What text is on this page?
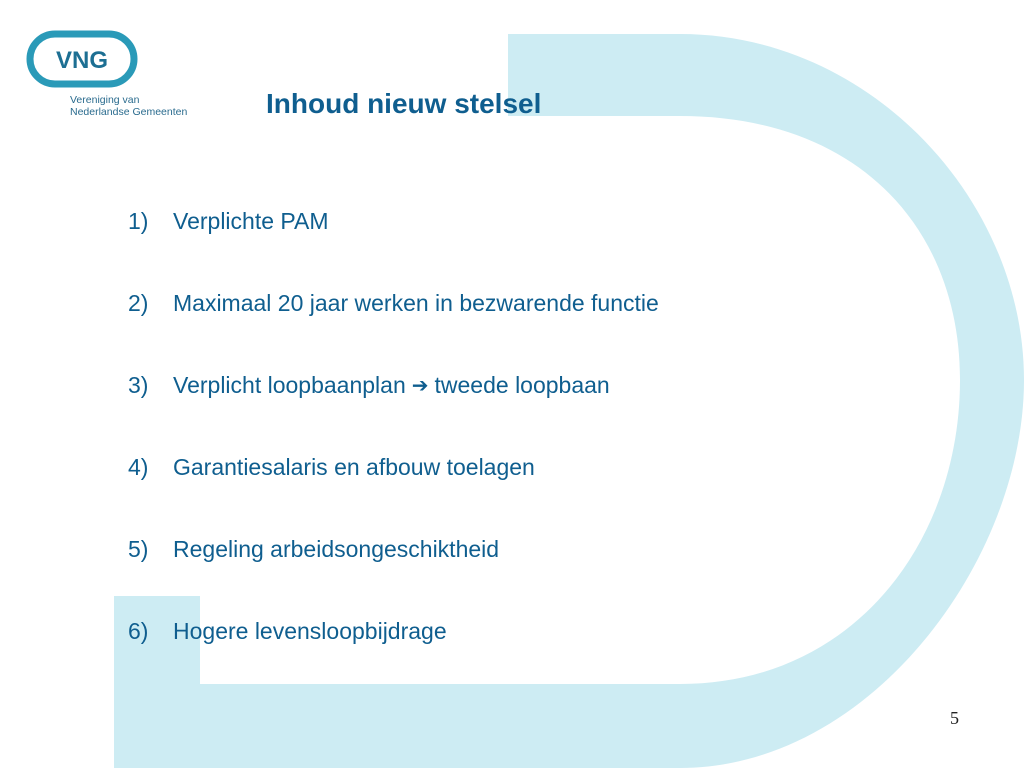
VNG
Vereniging van
Nederlandse Gemeenten	Inhoud nieuw stelsel
1)	Verplichte PAM
2)	Maximaal 20 jaar werken in bezwarende functie
3)	Verplicht loopbaanplan ➔ tweede loopbaan
4)	Garantiesalaris en afbouw toelagen
5)	Regeling arbeidsongeschiktheid
6)	Hogere levensloopbijdrage
5
